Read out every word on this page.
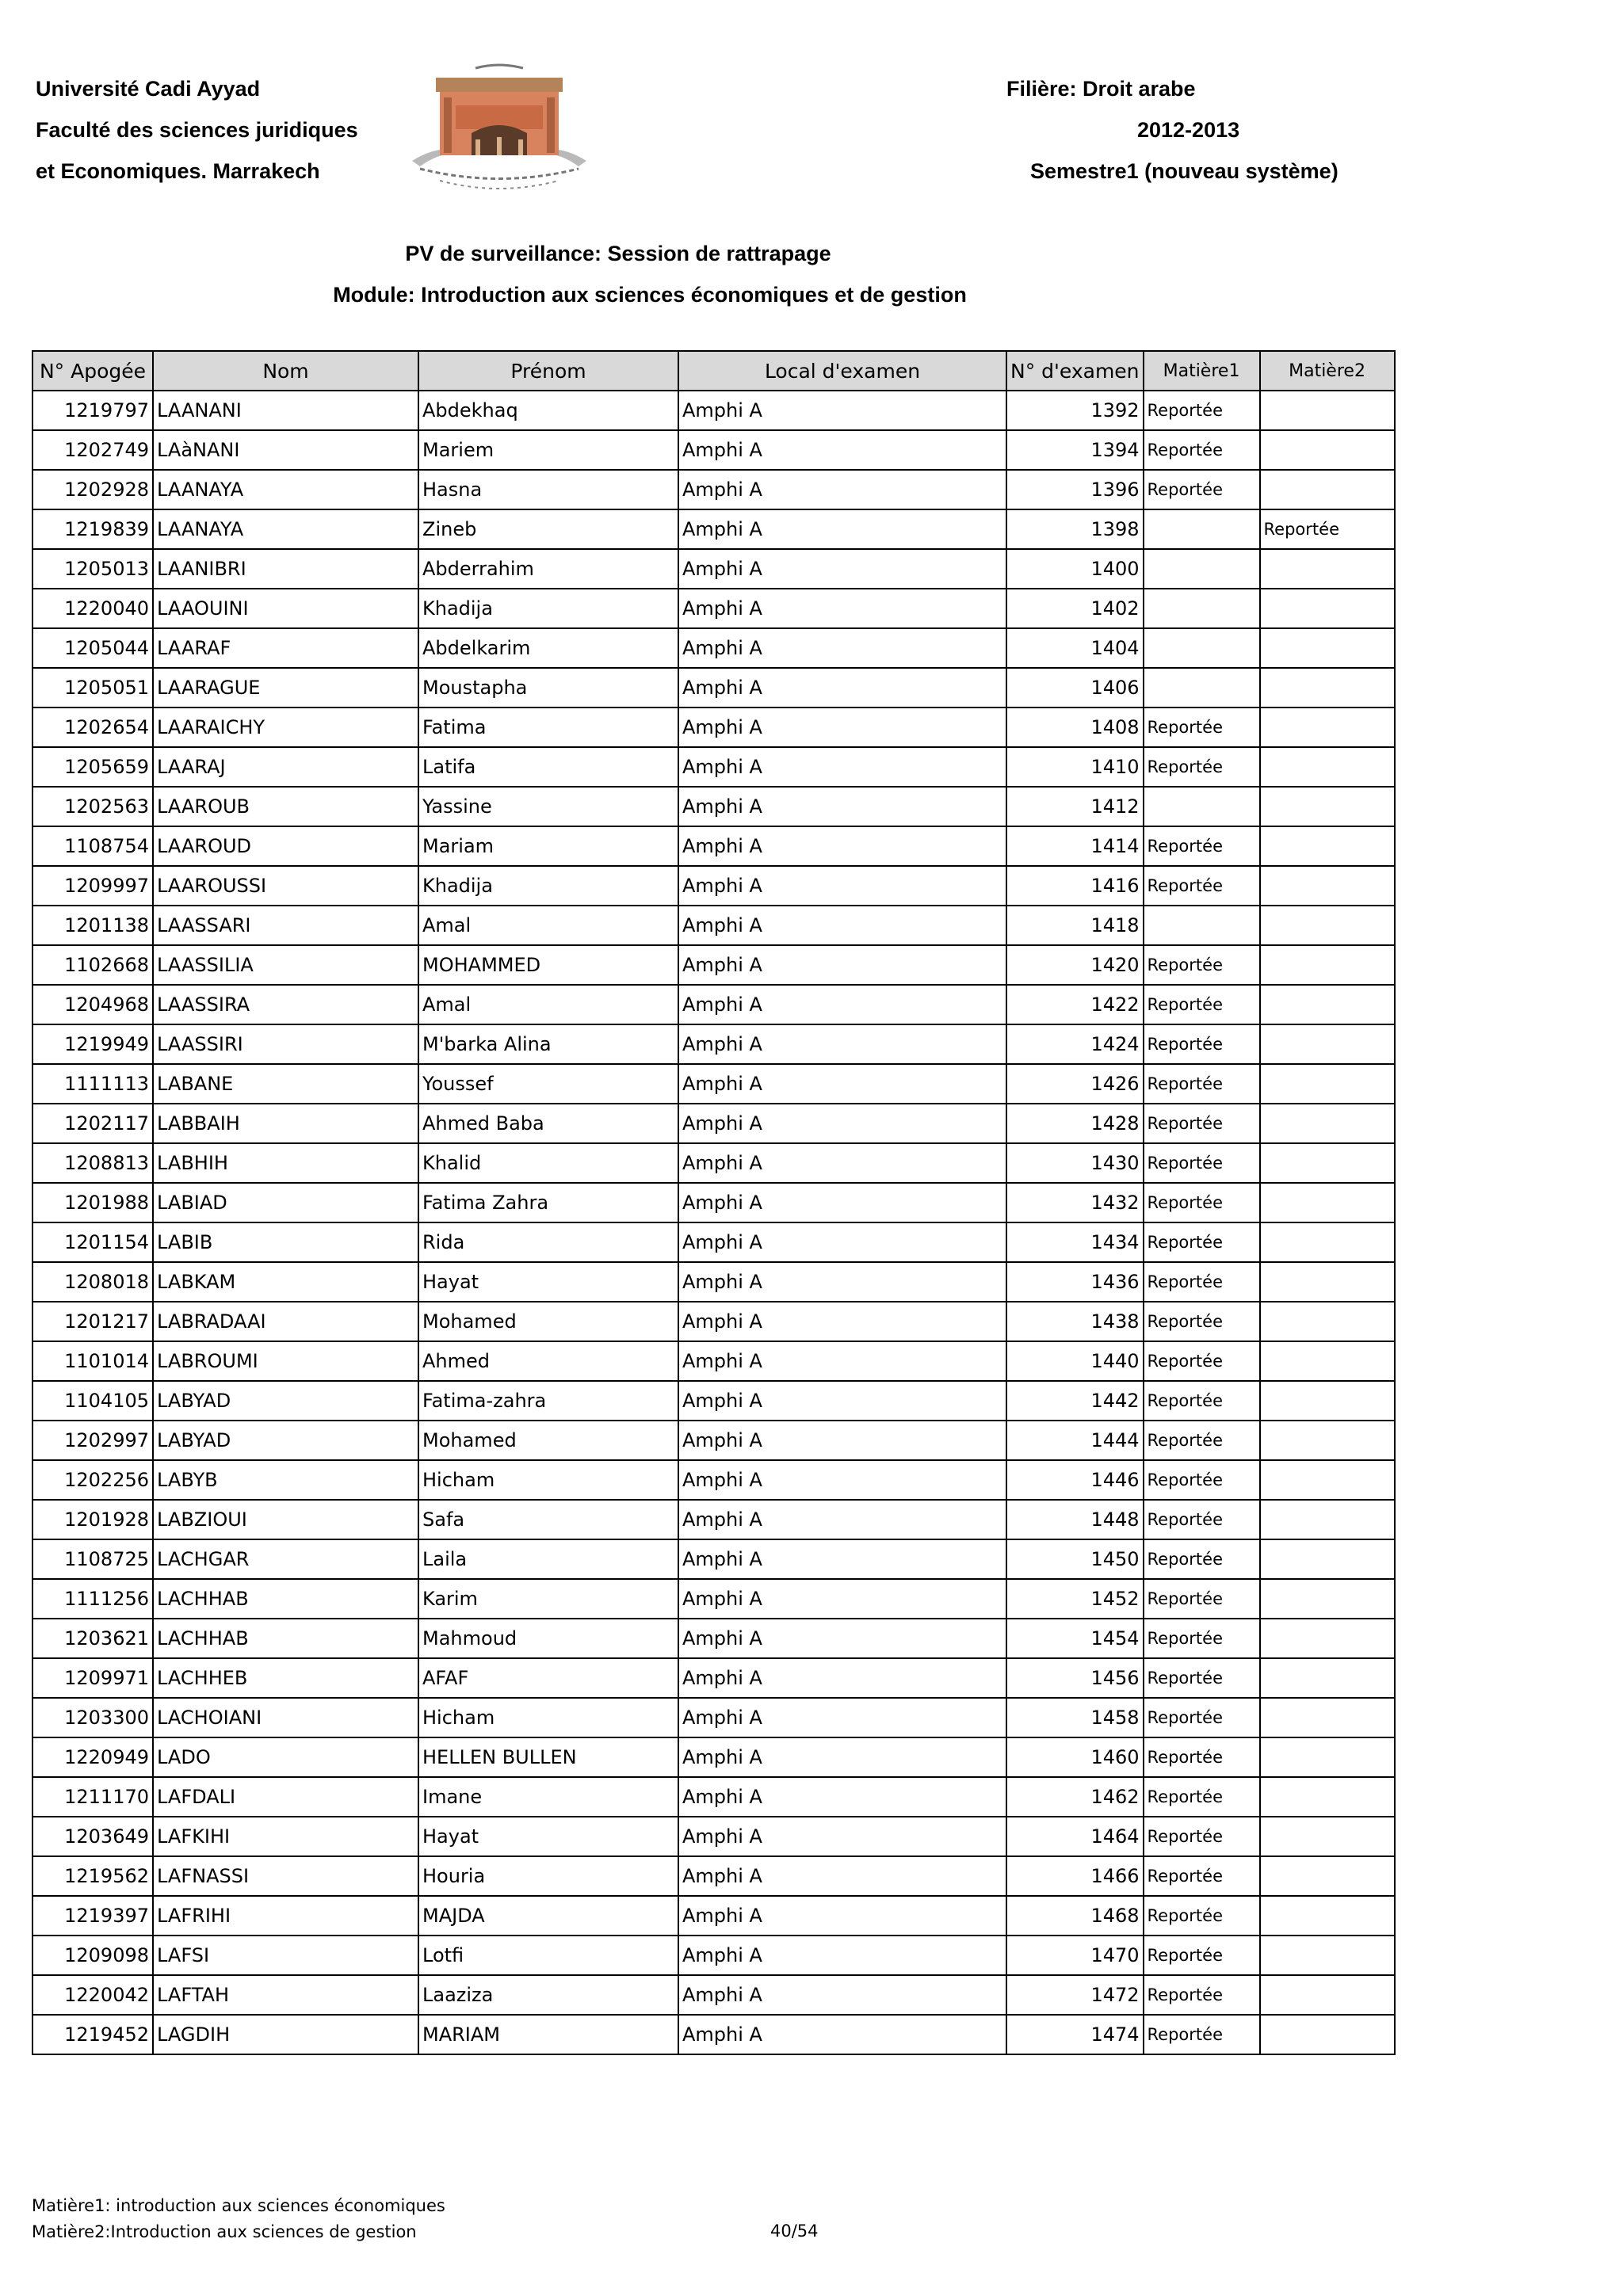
Université Cadi Ayyad
Faculté des sciences juridiques
et Economiques. Marrakech
Filière: Droit arabe
2012-2013
Semestre1 (nouveau système)
PV de surveillance: Session de rattrapage
Module: Introduction aux sciences économiques et de gestion
N° Apogée	Nom	Prénom	Local d'examen	N° d'examen	Matière1	Matière2
1219797	LAANANI	Abdekhaq	Amphi A	1392	Reportée	
1202749	LAàNANI	Mariem	Amphi A	1394	Reportée	
1202928	LAANAYA	Hasna	Amphi A	1396	Reportée	
1219839	LAANAYA	Zineb	Amphi A	1398		Reportée
1205013	LAANIBRI	Abderrahim	Amphi A	1400		
1220040	LAAOUINI	Khadija	Amphi A	1402		
1205044	LAARAF	Abdelkarim	Amphi A	1404		
1205051	LAARAGUE	Moustapha	Amphi A	1406		
1202654	LAARAICHY	Fatima	Amphi A	1408	Reportée	
1205659	LAARAJ	Latifa	Amphi A	1410	Reportée	
1202563	LAAROUB	Yassine	Amphi A	1412		
1108754	LAAROUD	Mariam	Amphi A	1414	Reportée	
1209997	LAAROUSSI	Khadija	Amphi A	1416	Reportée	
1201138	LAASSARI	Amal	Amphi A	1418		
1102668	LAASSILIA	MOHAMMED	Amphi A	1420	Reportée	
1204968	LAASSIRA	Amal	Amphi A	1422	Reportée	
1219949	LAASSIRI	M'barka Alina	Amphi A	1424	Reportée	
1111113	LABANE	Youssef	Amphi A	1426	Reportée	
1202117	LABBAIH	Ahmed Baba	Amphi A	1428	Reportée	
1208813	LABHIH	Khalid	Amphi A	1430	Reportée	
1201988	LABIAD	Fatima Zahra	Amphi A	1432	Reportée	
1201154	LABIB	Rida	Amphi A	1434	Reportée	
1208018	LABKAM	Hayat	Amphi A	1436	Reportée	
1201217	LABRADAAI	Mohamed	Amphi A	1438	Reportée	
1101014	LABROUMI	Ahmed	Amphi A	1440	Reportée	
1104105	LABYAD	Fatima-zahra	Amphi A	1442	Reportée	
1202997	LABYAD	Mohamed	Amphi A	1444	Reportée	
1202256	LABYB	Hicham	Amphi A	1446	Reportée	
1201928	LABZIOUI	Safa	Amphi A	1448	Reportée	
1108725	LACHGAR	Laila	Amphi A	1450	Reportée	
1111256	LACHHAB	Karim	Amphi A	1452	Reportée	
1203621	LACHHAB	Mahmoud	Amphi A	1454	Reportée	
1209971	LACHHEB	AFAF	Amphi A	1456	Reportée	
1203300	LACHOIANI	Hicham	Amphi A	1458	Reportée	
1220949	LADO	HELLEN BULLEN	Amphi A	1460	Reportée	
1211170	LAFDALI	Imane	Amphi A	1462	Reportée	
1203649	LAFKIHI	Hayat	Amphi A	1464	Reportée	
1219562	LAFNASSI	Houria	Amphi A	1466	Reportée	
1219397	LAFRIHI	MAJDA	Amphi A	1468	Reportée	
1209098	LAFSI	Lotfi	Amphi A	1470	Reportée	
1220042	LAFTAH	Laaziza	Amphi A	1472	Reportée	
1219452	LAGDIH	MARIAM	Amphi A	1474	Reportée	
Matière1: introduction aux sciences économiques
Matière2:Introduction aux sciences de gestion	40/54
